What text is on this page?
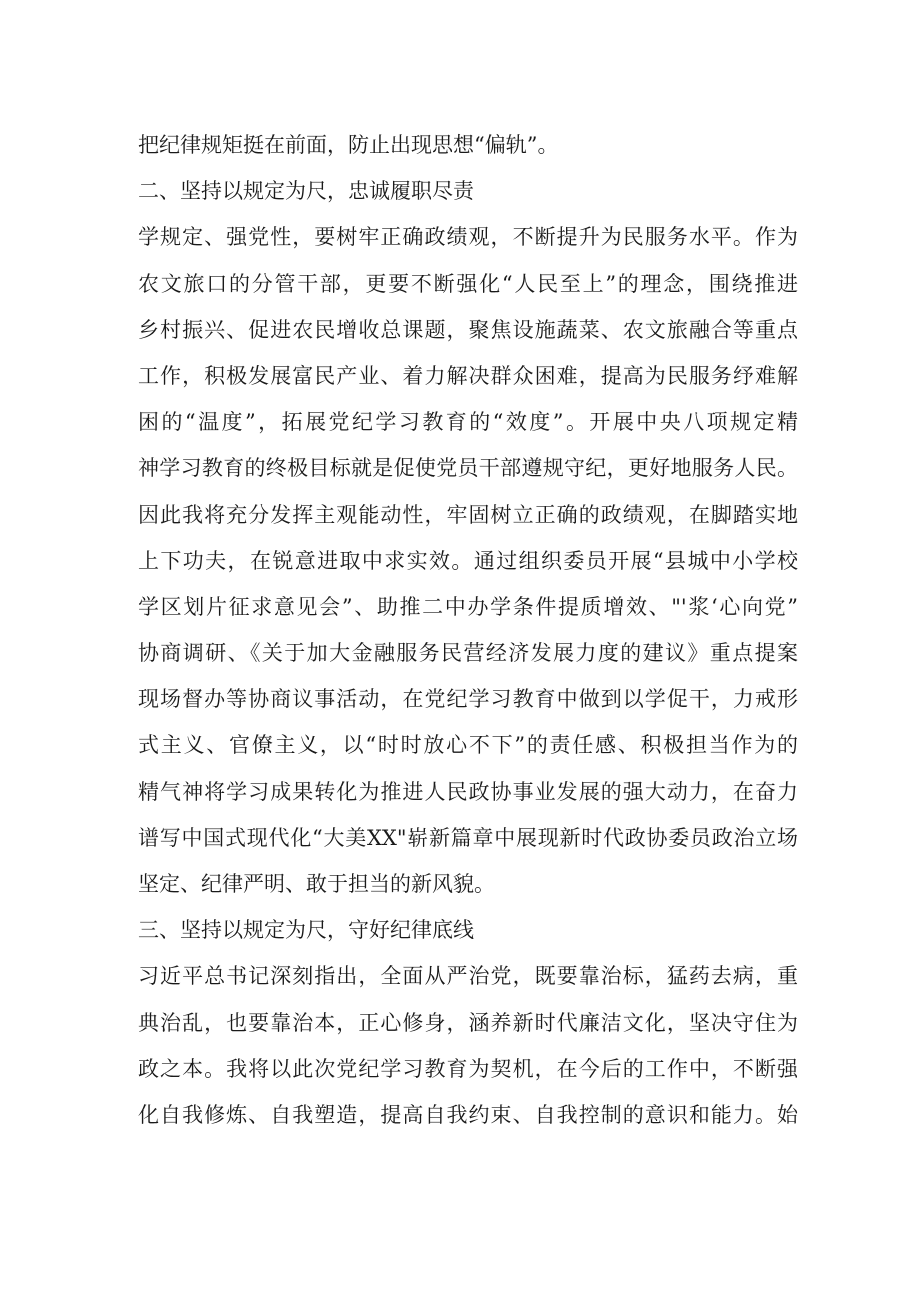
把纪律规矩挺在前面，防止出现思想“偏轨”。
二、坚持以规定为尺，忠诚履职尽责
学规定、强党性，要树牢正确政绩观，不断提升为民服务水平。作为
农文旅口的分管干部，更要不断强化“人民至上”的理念，围绕推进
乡村振兴、促进农民增收总课题，聚焦设施蔬菜、农文旅融合等重点
工作，积极发展富民产业、着力解决群众困难，提高为民服务纾难解
困的“温度”，拓展党纪学习教育的“效度”。开展中央八项规定精
神学习教育的终极目标就是促使党员干部遵规守纪，更好地服务人民。
因此我将充分发挥主观能动性，牢固树立正确的政绩观，在脚踏实地
上下功夫，在锐意进取中求实效。通过组织委员开展“县城中小学校
学区划片征求意见会”、助推二中办学条件提质增效、"'浆‘心向党”
协商调研、《关于加大金融服务民营经济发展力度的建议》重点提案
现场督办等协商议事活动，在党纪学习教育中做到以学促干，力戒形
式主义、官僚主义，以“时时放心不下”的责任感、积极担当作为的
精气神将学习成果转化为推进人民政协事业发展的强大动力，在奋力
谱写中国式现代化“大美XX"崭新篇章中展现新时代政协委员政治立场
坚定、纪律严明、敢于担当的新风貌。
三、坚持以规定为尺，守好纪律底线
习近平总书记深刻指出，全面从严治党，既要靠治标，猛药去病，重
典治乱，也要靠治本，正心修身，涵养新时代廉洁文化，坚决守住为
政之本。我将以此次党纪学习教育为契机，在今后的工作中，不断强
化自我修炼、自我塑造，提高自我约束、自我控制的意识和能力。始
